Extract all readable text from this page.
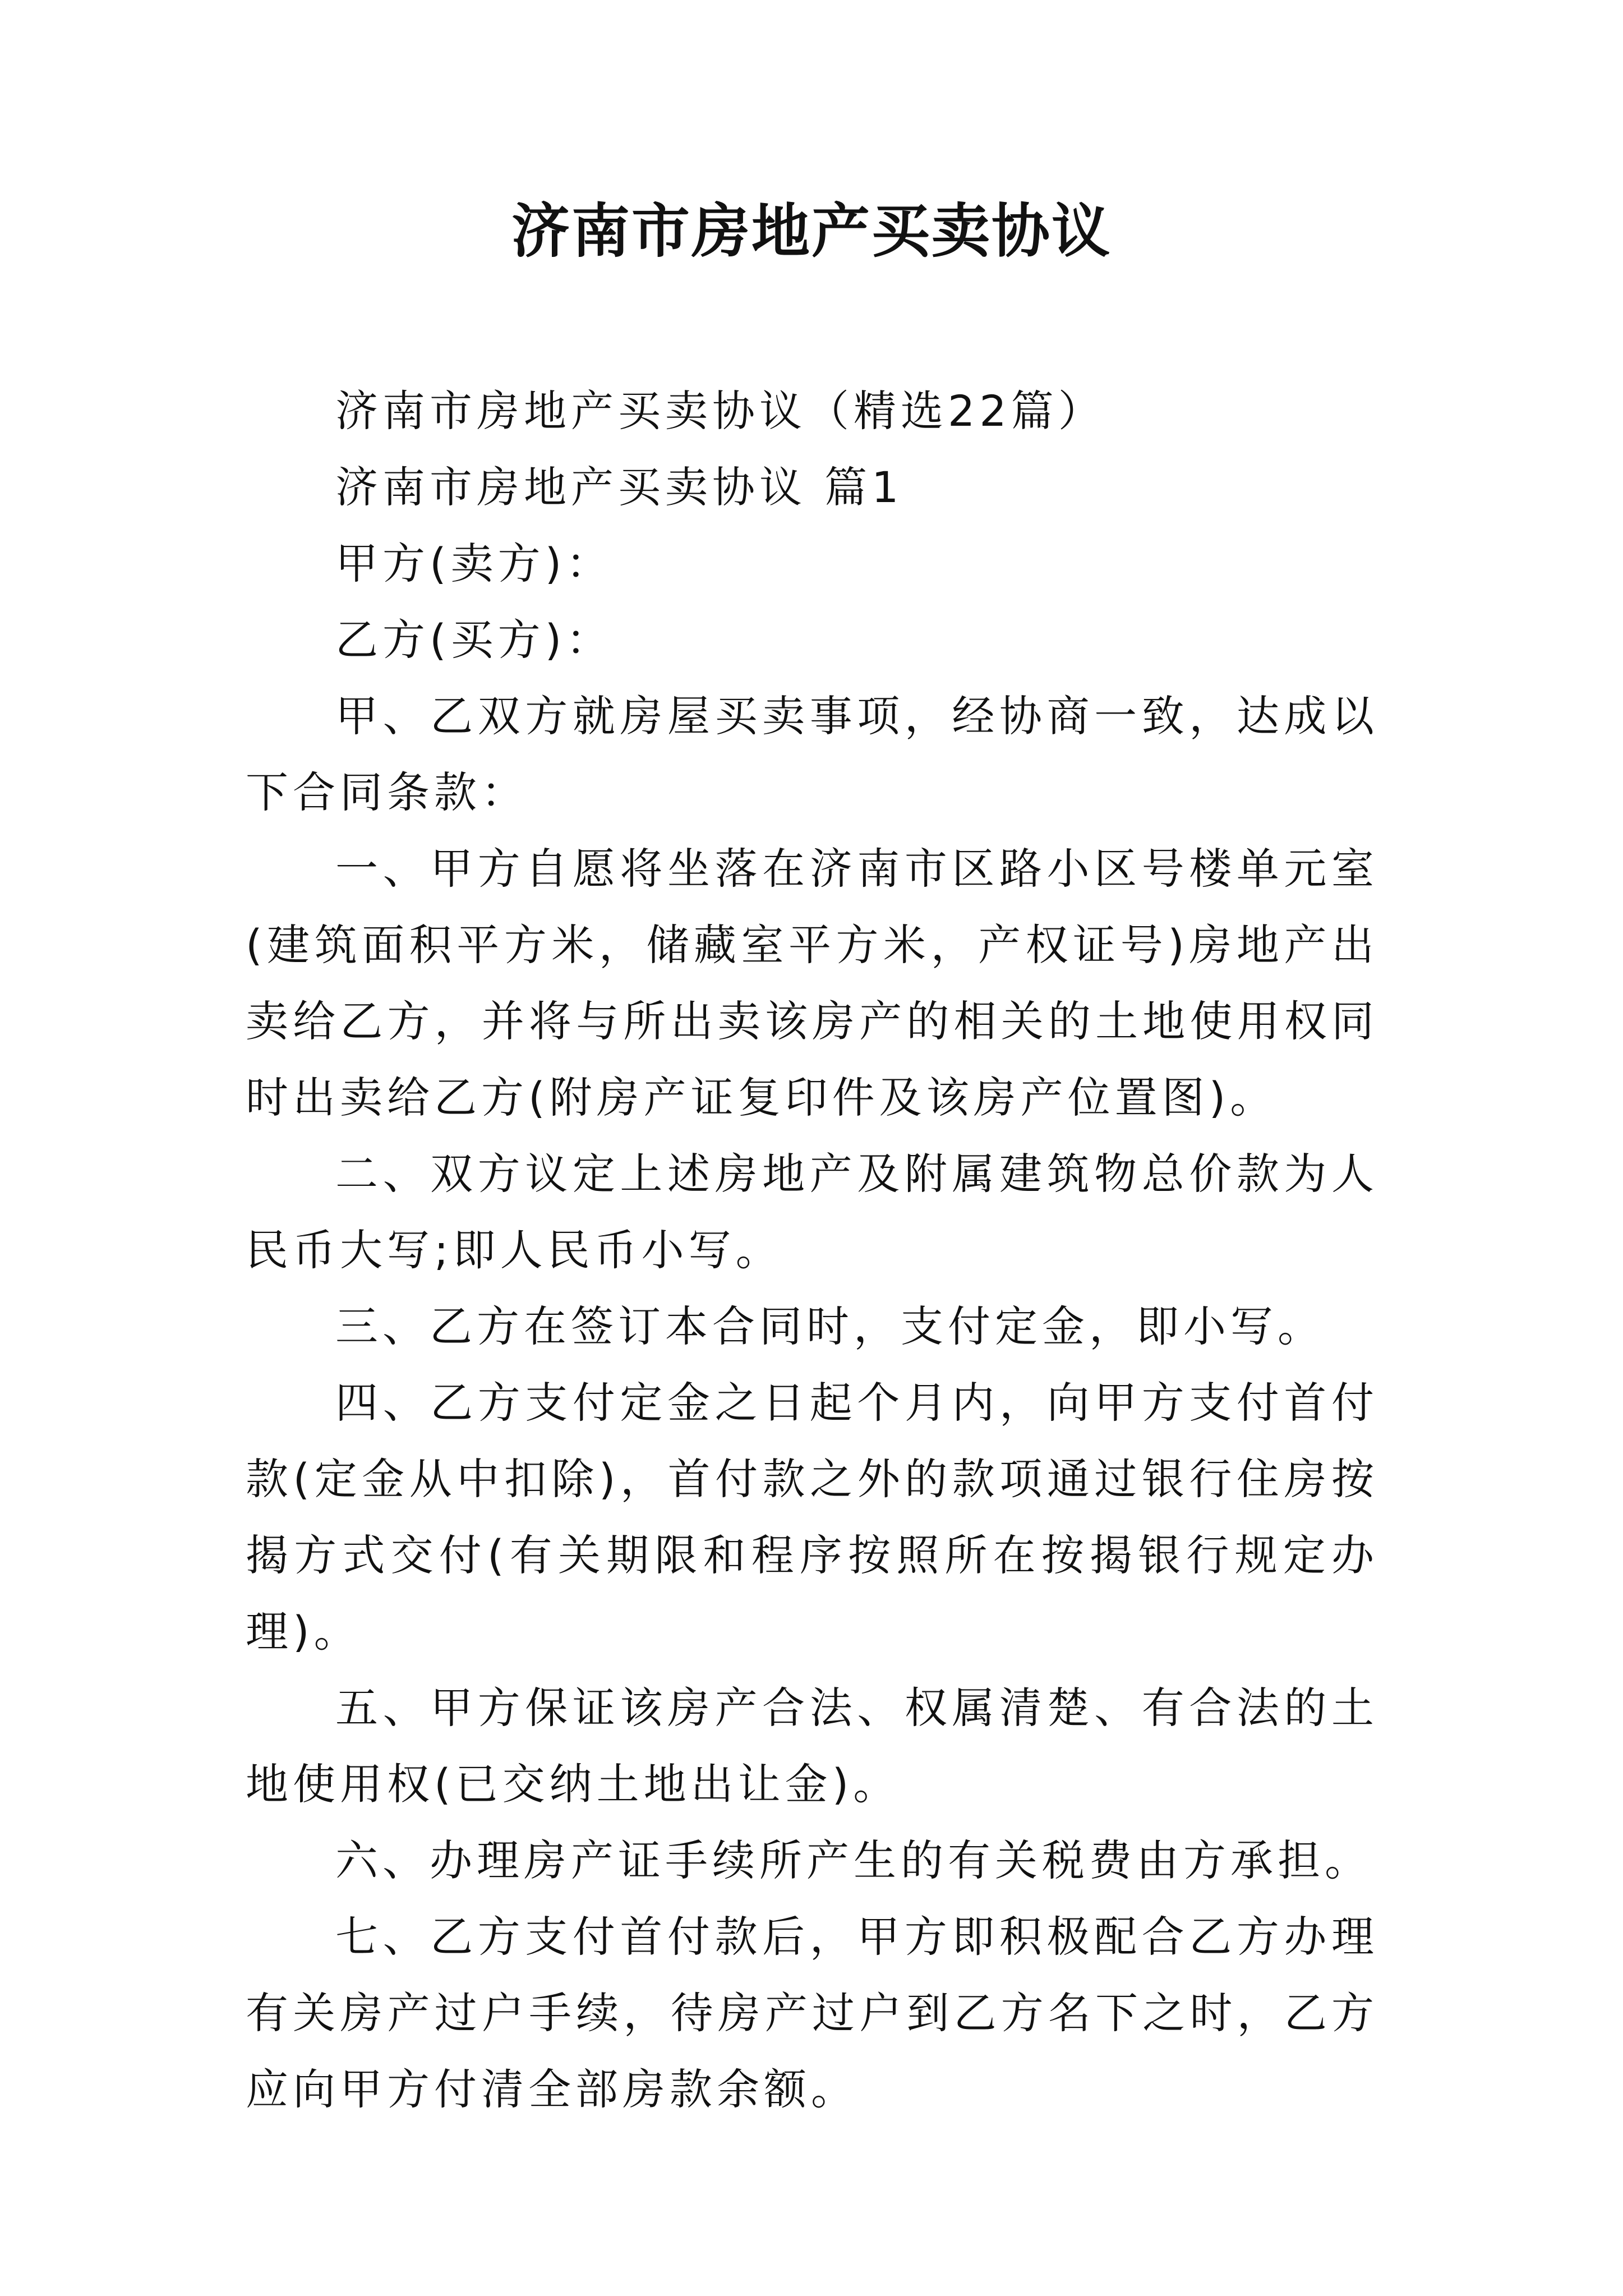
济南市房地产买卖协议

济南市房地产买卖协议（精选22篇）

济南市房地产买卖协议 篇1

甲方(卖方)：

乙方(买方)：

甲、乙双方就房屋买卖事项，经协商一致，达成以下合同条款：

一、甲方自愿将坐落在济南市区路小区号楼单元室(建筑面积平方米，储藏室平方米，产权证号)房地产出卖给乙方，并将与所出卖该房产的相关的土地使用权同时出卖给乙方(附房产证复印件及该房产位置图)。

二、双方议定上述房地产及附属建筑物总价款为人民币大写;即人民币小写。

三、乙方在签订本合同时，支付定金，即小写。

四、乙方支付定金之日起个月内，向甲方支付首付款(定金从中扣除)，首付款之外的款项通过银行住房按揭方式交付(有关期限和程序按照所在按揭银行规定办理)。

五、甲方保证该房产合法、权属清楚、有合法的土地使用权(已交纳土地出让金)。

六、办理房产证手续所产生的有关税费由方承担。

七、乙方支付首付款后，甲方即积极配合乙方办理有关房产过户手续，待房产过户到乙方名下之时，乙方应向甲方付清全部房款余额。
